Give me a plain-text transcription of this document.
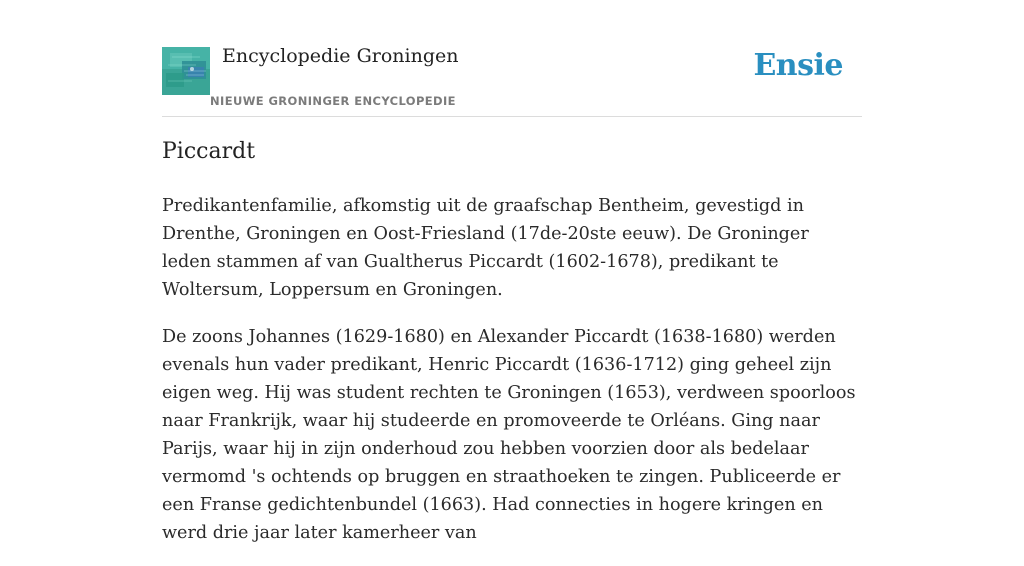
Encyclopedie Groningen
NIEUWE GRONINGER ENCYCLOPEDIE
Ensie
Piccardt

Predikantenfamilie, afkomstig uit de graafschap Bentheim, gevestigd in Drenthe, Groningen en Oost-Friesland (17de-20ste eeuw). De Groninger leden stammen af van Gualtherus Piccardt (1602-1678), predikant te Woltersum, Loppersum en Groningen.

De zoons Johannes (1629-1680) en Alexander Piccardt (1638-1680) werden evenals hun vader predikant, Henric Piccardt (1636-1712) ging geheel zijn eigen weg. Hij was student rechten te Groningen (1653), verdween spoorloos naar Frankrijk, waar hij studeerde en promoveerde te Orléans. Ging naar Parijs, waar hij in zijn onderhoud zou hebben voorzien door als bedelaar vermomd 's ochtends op bruggen en straathoeken te zingen. Publiceerde er een Franse gedichtenbundel (1663). Had connecties in hogere kringen en werd drie jaar later kamerheer van
